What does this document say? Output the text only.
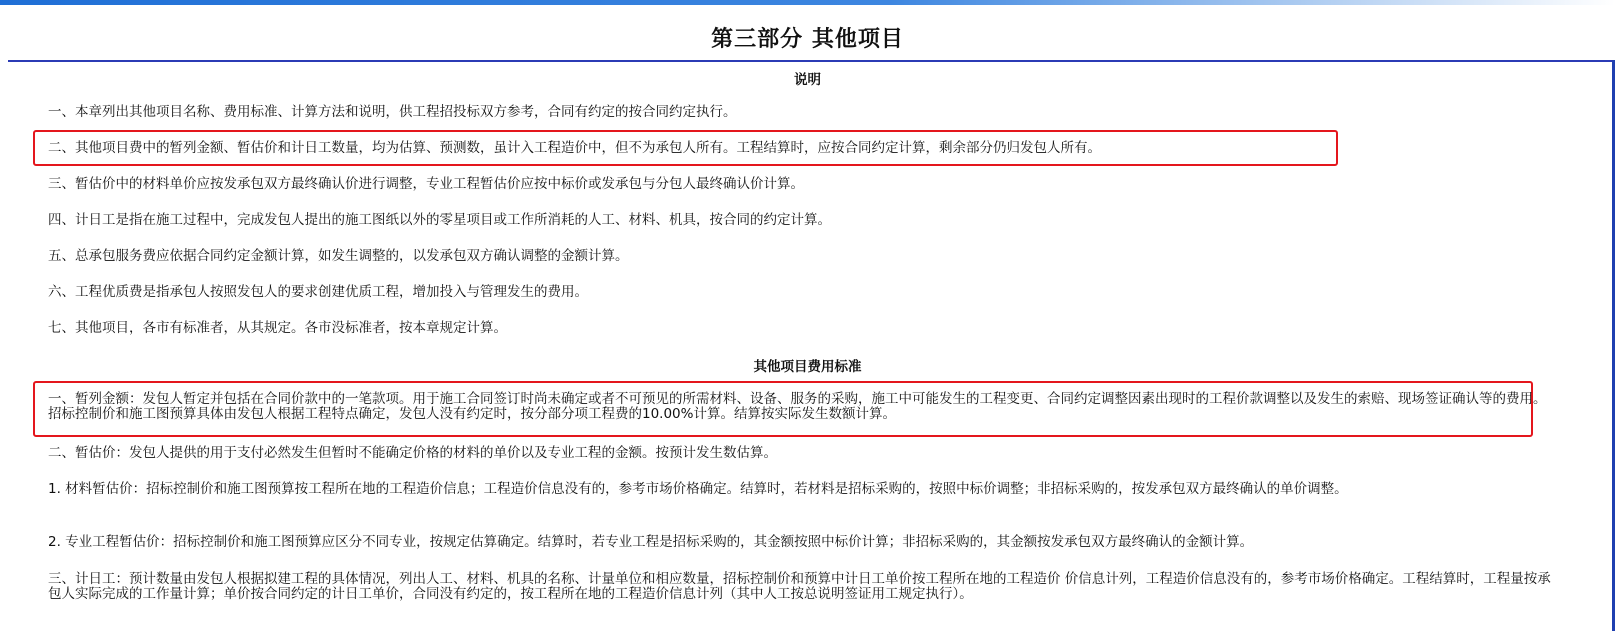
第三部分 其他项目
说明
一、本章列出其他项目名称、费用标准、计算方法和说明，供工程招投标双方参考，合同有约定的按合同约定执行。
二、其他项目费中的暂列金额、暂估价和计日工数量，均为估算、预测数，虽计入工程造价中，但不为承包人所有。工程结算时，应按合同约定计算，剩余部分仍归发包人所有。
三、暂估价中的材料单价应按发承包双方最终确认价进行调整，专业工程暂估价应按中标价或发承包与分包人最终确认价计算。
四、计日工是指在施工过程中，完成发包人提出的施工图纸以外的零星项目或工作所消耗的人工、材料、机具，按合同的约定计算。
五、总承包服务费应依据合同约定金额计算，如发生调整的，以发承包双方确认调整的金额计算。
六、工程优质费是指承包人按照发包人的要求创建优质工程，增加投入与管理发生的费用。
七、其他项目，各市有标准者，从其规定。各市没标准者，按本章规定计算。
其他项目费用标准
一、暂列金额：发包人暂定并包括在合同价款中的一笔款项。用于施工合同签订时尚未确定或者不可预见的所需材料、设备、服务的采购，施工中可能发生的工程变更、合同约定调整因素出现时的工程价款调整以及发生的索赔、现场签证确认等的费用。招标控制价和施工图预算具体由发包人根据工程特点确定，发包人没有约定时，按分部分项工程费的10.00%计算。结算按实际发生数额计算。
二、暂估价：发包人提供的用于支付必然发生但暂时不能确定价格的材料的单价以及专业工程的金额。按预计发生数估算。
1. 材料暂估价：招标控制价和施工图预算按工程所在地的工程造价信息；工程造价信息没有的，参考市场价格确定。结算时，若材料是招标采购的，按照中标价调整；非招标采购的，按发承包双方最终确认的单价调整。
2. 专业工程暂估价：招标控制价和施工图预算应区分不同专业，按规定估算确定。结算时，若专业工程是招标采购的，其金额按照中标价计算；非招标采购的，其金额按发承包双方最终确认的金额计算。
三、计日工：预计数量由发包人根据拟建工程的具体情况，列出人工、材料、机具的名称、计量单位和相应数量，招标控制价和预算中计日工单价按工程所在地的工程造价 价信息计列，工程造价信息没有的，参考市场价格确定。工程结算时，工程量按承包人实际完成的工作量计算；单价按合同约定的计日工单价，合同没有约定的，按工程所在地的工程造价信息计列（其中人工按总说明签证用工规定执行）。
